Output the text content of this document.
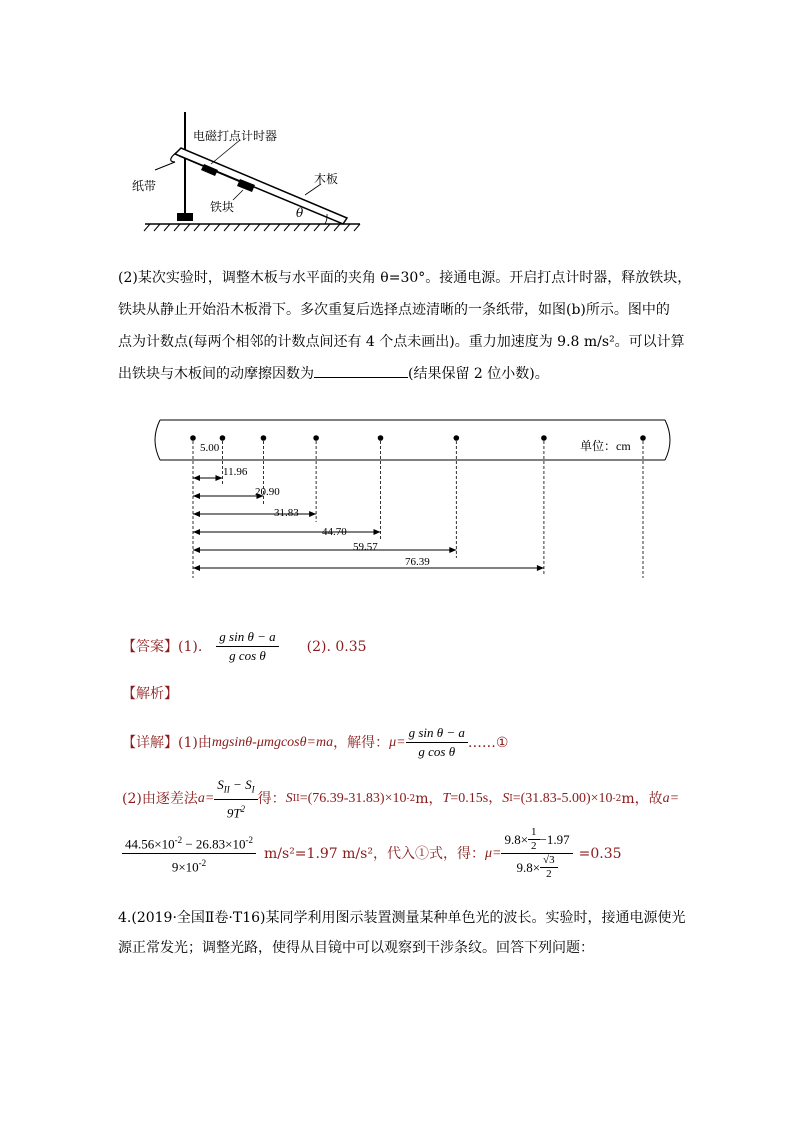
电磁打点计时器
纸带	木板
铁块	θ
(2)某次实验时，调整木板与水平面的夹角 θ=30°。接通电源。开启打点计时器，释放铁块，
铁块从静止开始沿木板滑下。多次重复后选择点迹清晰的一条纸带，如图(b)所示。图中的
点为计数点(每两个相邻的计数点间还有 4 个点未画出)。重力加速度为 9.8 m/s²。可以计算
出铁块与木板间的动摩擦因数为	(结果保留 2 位小数)。
单位：cm
5.00
11.96
20.90
31.83
44.70
59.57
76.39
【答案】 (1). $\frac{\text{g sin θ − a}}{\text{g cos θ}} (2)$. 0.35
【解析】
【详解】 (1)由 mgsinθ-μmgcosθ=ma ，解得： $\mu= \frac{\text{g sin θ − a}}{\text{g cos θ}}$ ……①
(2)由逐差法 $a= \frac{S_{II} - S_I}{9T^2}$ 得： S II =(76.39-31.83)×10 -2 m， T =0.15s， S I =(31.83-5.00)×10 -2 m，故 a=
$\frac{44.56\times 10^{-2} - 26.83\times 10^{-2}}{9\times 10^{-2}} m/s^2=1.97$ m/s²，代入①式，得： $\mu= \frac{9.8\times \frac{1}{2} -1.97}{9.8\times \frac{√3}{2}} =0.35$
4.(2019·全国Ⅱ卷·T16)某同学利用图示装置测量某种单色光的波长。实验时，接通电源使光
源正常发光；调整光路，使得从目镜中可以观察到干涉条纹。回答下列问题：
